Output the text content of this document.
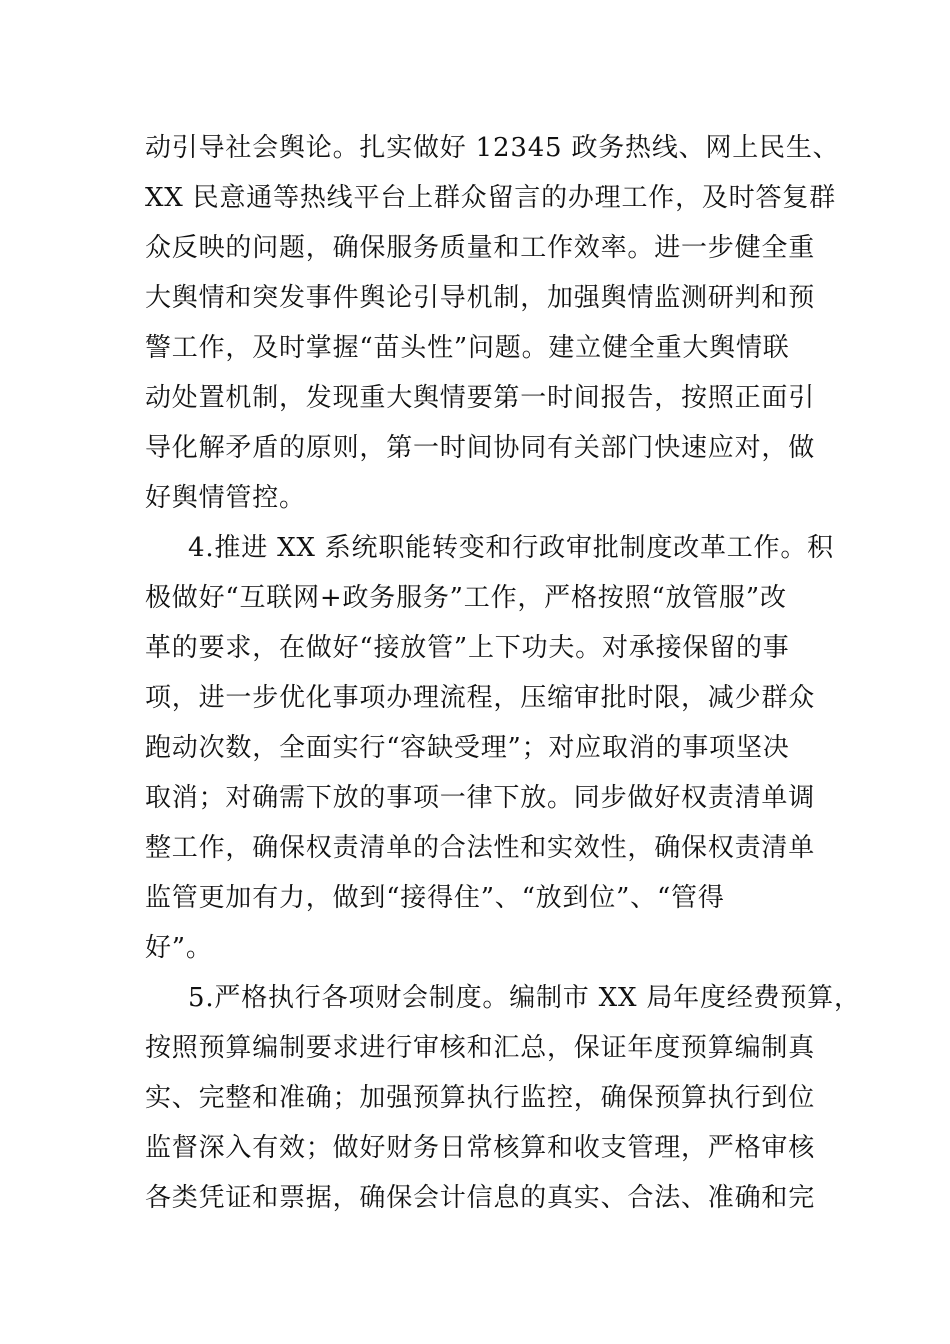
动引导社会舆论。扎实做好 12345 政务热线、网上民生、
XX 民意通等热线平台上群众留言的办理工作，及时答复群
众反映的问题，确保服务质量和工作效率。进一步健全重
大舆情和突发事件舆论引导机制，加强舆情监测研判和预
警工作，及时掌握“苗头性”问题。建立健全重大舆情联
动处置机制，发现重大舆情要第一时间报告，按照正面引
导化解矛盾的原则，第一时间协同有关部门快速应对，做
好舆情管控。
4.推进 XX 系统职能转变和行政审批制度改革工作。积
极做好“互联网+政务服务”工作，严格按照“放管服”改
革的要求，在做好“接放管”上下功夫。对承接保留的事
项，进一步优化事项办理流程，压缩审批时限，减少群众
跑动次数，全面实行“容缺受理”；对应取消的事项坚决
取消；对确需下放的事项一律下放。同步做好权责清单调
整工作，确保权责清单的合法性和实效性，确保权责清单
监管更加有力，做到“接得住”、“放到位”、“管得
好”。
5.严格执行各项财会制度。编制市 XX 局年度经费预算，
按照预算编制要求进行审核和汇总，保证年度预算编制真
实、完整和准确；加强预算执行监控，确保预算执行到位
监督深入有效；做好财务日常核算和收支管理，严格审核
各类凭证和票据，确保会计信息的真实、合法、准确和完
